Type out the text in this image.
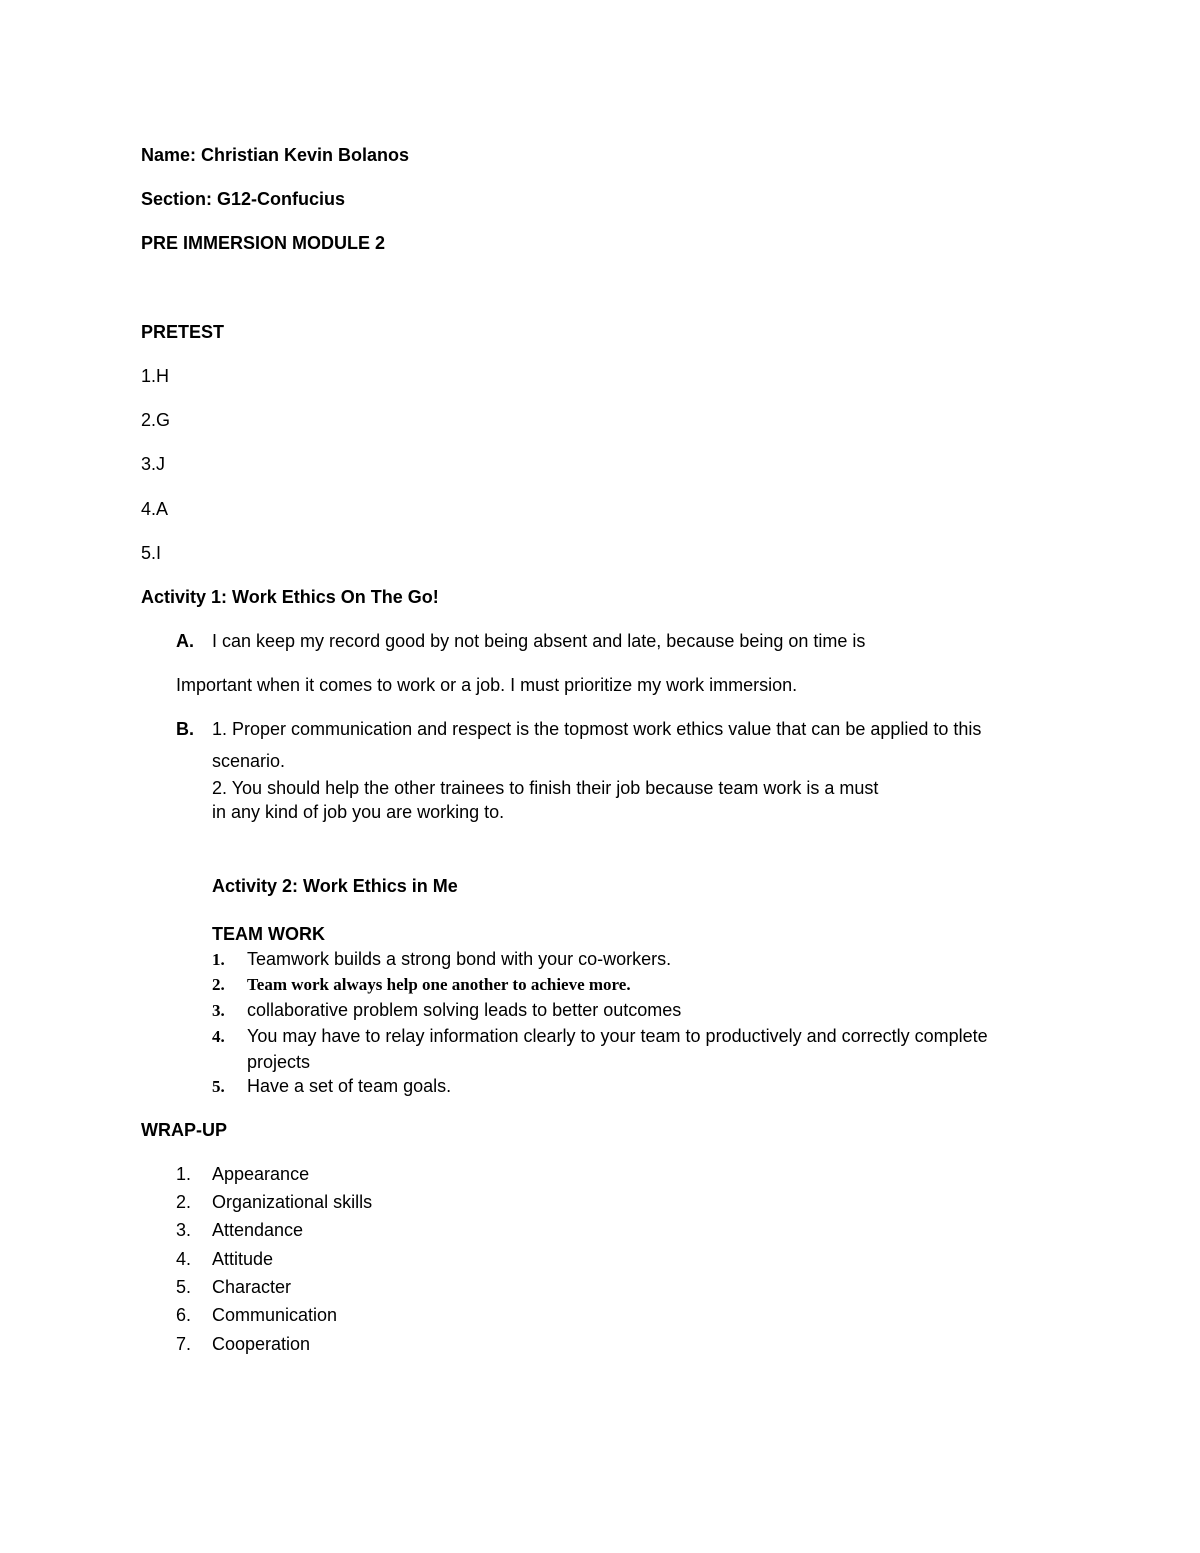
Name: Christian Kevin Bolanos
Section: G12-Confucius
PRE IMMERSION MODULE 2
PRETEST
1.H
2.G
3.J
4.A
5.I
Activity 1: Work Ethics On The Go!
A. I can keep my record good by not being absent and late, because being on time is
Important when it comes to work or a job. I must prioritize my work immersion.
B. 1. Proper communication and respect is the topmost work ethics value that can be applied to this
scenario.
2. You should help the other trainees to finish their job because team work is a must
in any kind of job you are working to.
Activity 2: Work Ethics in Me
TEAM WORK
1. Teamwork builds a strong bond with your co-workers.
2. Team work always help one another to achieve more.
3. collaborative problem solving leads to better outcomes
4. You may have to relay information clearly to your team to productively and correctly complete
projects
5. Have a set of team goals.
WRAP-UP
1. Appearance
2. Organizational skills
3. Attendance
4. Attitude
5. Character
6. Communication
7. Cooperation
